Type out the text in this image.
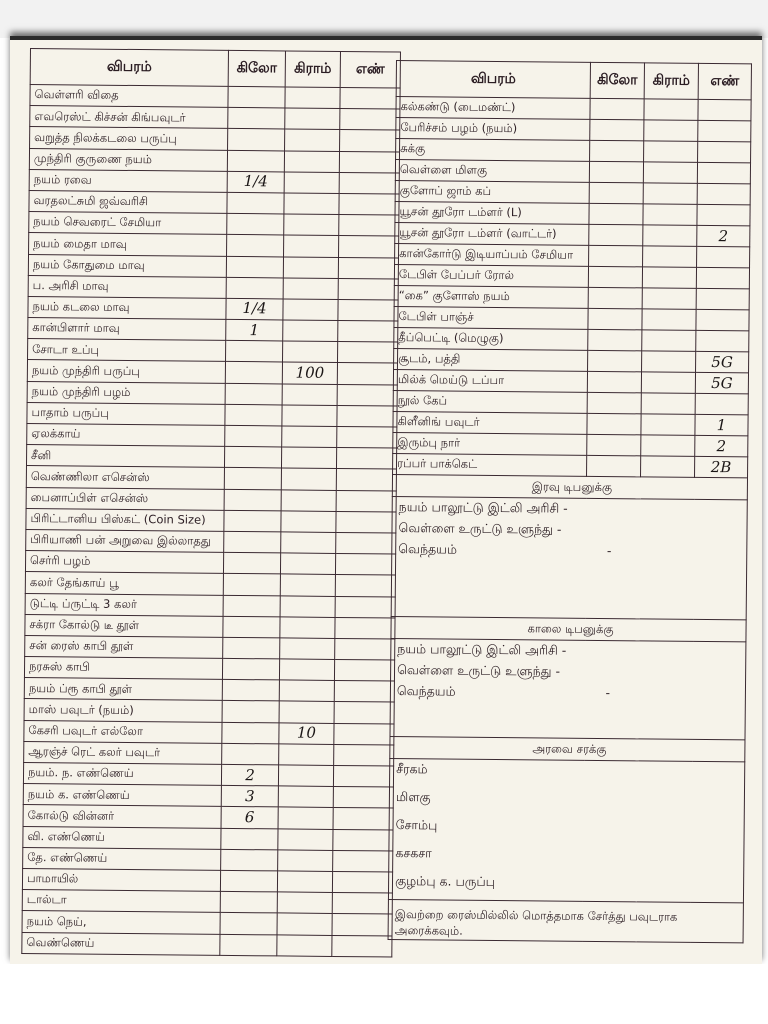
விபரம்	கிலோ	கிராம்	எண்
வெள்ளரி விதை			
எவரெஸ்ட் கிச்சன் கிங்பவுடர்			
வறுத்த நிலக்கடலை பருப்பு			
முந்திரி குருணை நயம்			
நயம் ரவை	1/4		
வரதலட்சுமி ஜவ்வரிசி			
நயம் செவரைட் சேமியா			
நயம் மைதா மாவு			
நயம் கோதுமை மாவு			
ப. அரிசி மாவு			
நயம் கடலை மாவு	1/4		
கான்பிளார் மாவு	1		
சோடா உப்பு			
நயம் முந்திரி பருப்பு		100	
நயம் முந்திரி பழம்			
பாதாம் பருப்பு			
ஏலக்காய்			
சீனி			
வெண்ணிலா எசென்ஸ்			
பைனாப்பிள் எசென்ஸ்			
பிரிட்டானிய பிஸ்கட் (Coin Size)			
பிரியாணி பன் அறுவை இல்லாதது			
செர்ரி பழம்			
கலர் தேங்காய் பூ			
டுட்டி ப்ருட்டி 3 கலர்			
சக்ரா கோல்டு டீ தூள்			
சன் ரைஸ் காபி தூள்			
நரசுஸ் காபி			
நயம் ப்ரூ காபி தூள்			
மாஸ் பவுடர் (நயம்)			
கேசரி பவுடர் எல்லோ		10	
ஆரஞ்ச் ரெட் கலர் பவுடர்			
நயம். ந. எண்ணெய்	2		
நயம் க. எண்ணெய்	3		
கோல்டு வின்னர்	6		
வி. எண்ணெய்			
தே. எண்ணெய்			
பாமாயில்			
டால்டா			
நயம் நெய்,			
வெண்ணெய்			
விபரம்	கிலோ	கிராம்	எண்
கல்கண்டு (டைமண்ட்)			
பேரிச்சம் பழம் (நயம்)			
சுக்கு			
வெள்ளை மிளகு			
குளோப் ஜாம் கப்			
யூசன் தூரோ டம்ளர் (L)			
யூசன் தூரோ டம்ளர் (வாட்டர்)			2
கான்கோர்டு இடியாப்பம் சேமியா			
டேபிள் பேப்பர் ரோல்			
“கை” குளோஸ் நயம்			
டேபிள் பாஞ்ச்			
தீப்பெட்டி (மெழுகு)			
சூடம், பத்தி			5G
மில்க் மெய்டு டப்பா			5G
நூல் கேப்			
கிளீனிங் பவுடர்			1
இரும்பு நார்			2
ரப்பர் பாக்கெட்			2B
இரவு டிபனுக்கு			

நயம் பாலூட்டு இட்லி அரிசி -
வெள்ளை உருட்டு உளுந்து -
வெந்தயம் -			

காலை டிபனுக்கு			

நயம் பாலூட்டு இட்லி அரிசி -
வெள்ளை உருட்டு உளுந்து -
வெந்தயம் -			

அரவை சரக்கு			

சீரகம்
மிளகு
சோம்பு
கசகசா
குழம்பு க. பருப்பு			

இவற்றை ரைஸ்மில்லில் மொத்தமாக சேர்த்து பவுடராக அரைக்கவும்.			
